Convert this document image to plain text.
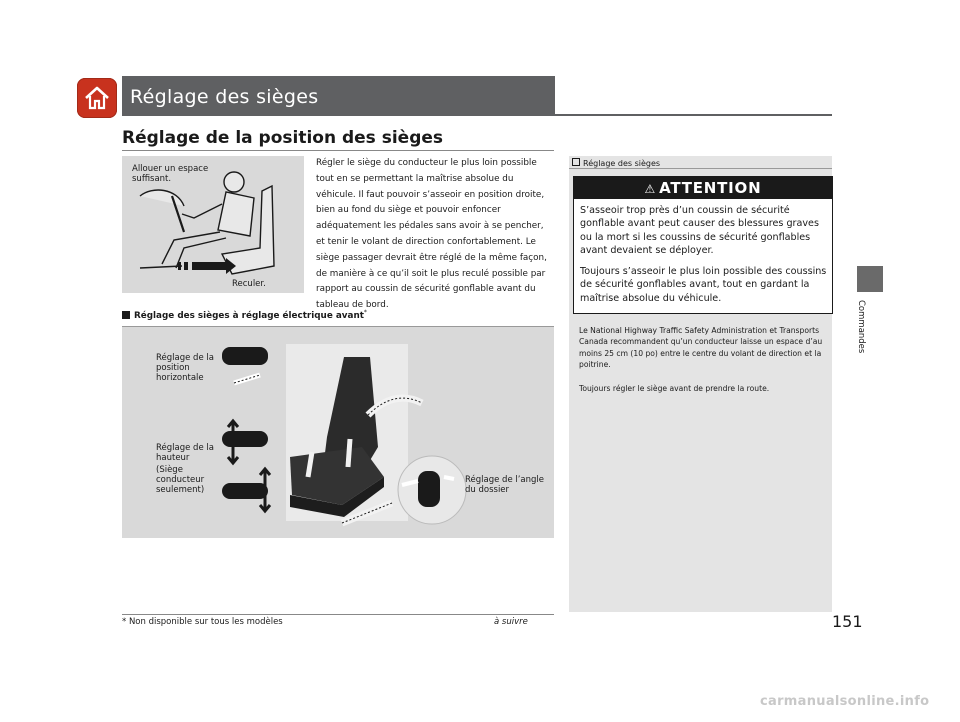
Réglage des sièges
Réglage de la position des sièges
Allouer un espace suffisant.
Reculer.
Régler le siège du conducteur le plus loin possible tout en se permettant la maîtrise absolue du véhicule. Il faut pouvoir s’asseoir en position droite, bien au fond du siège et pouvoir enfoncer adéquatement les pédales sans avoir à se pencher, et tenir le volant de direction confortablement. Le siège passager devrait être réglé de la même façon, de manière à ce qu’il soit le plus reculé possible par rapport au coussin de sécurité gonflable avant du tableau de bord.
Réglage des sièges à réglage électrique avant*
Réglage de la position horizontale
Réglage de la hauteur
(Siège conducteur seulement)
Réglage de l’angle du dossier
Réglage des sièges
⚠ ATTENTION
S’asseoir trop près d’un coussin de sécurité gonflable avant peut causer des blessures graves ou la mort si les coussins de sécurité gonflables avant devaient se déployer.
Toujours s’asseoir le plus loin possible des coussins de sécurité gonflables avant, tout en gardant la maîtrise absolue du véhicule.
Le National Highway Traffic Safety Administration et Transports Canada recommandent qu’un conducteur laisse un espace d’au moins 25 cm (10 po) entre le centre du volant de direction et la poitrine.
Toujours régler le siège avant de prendre la route.
Commandes
* Non disponible sur tous les modèles	à suivre	151
carmanualsonline.info
